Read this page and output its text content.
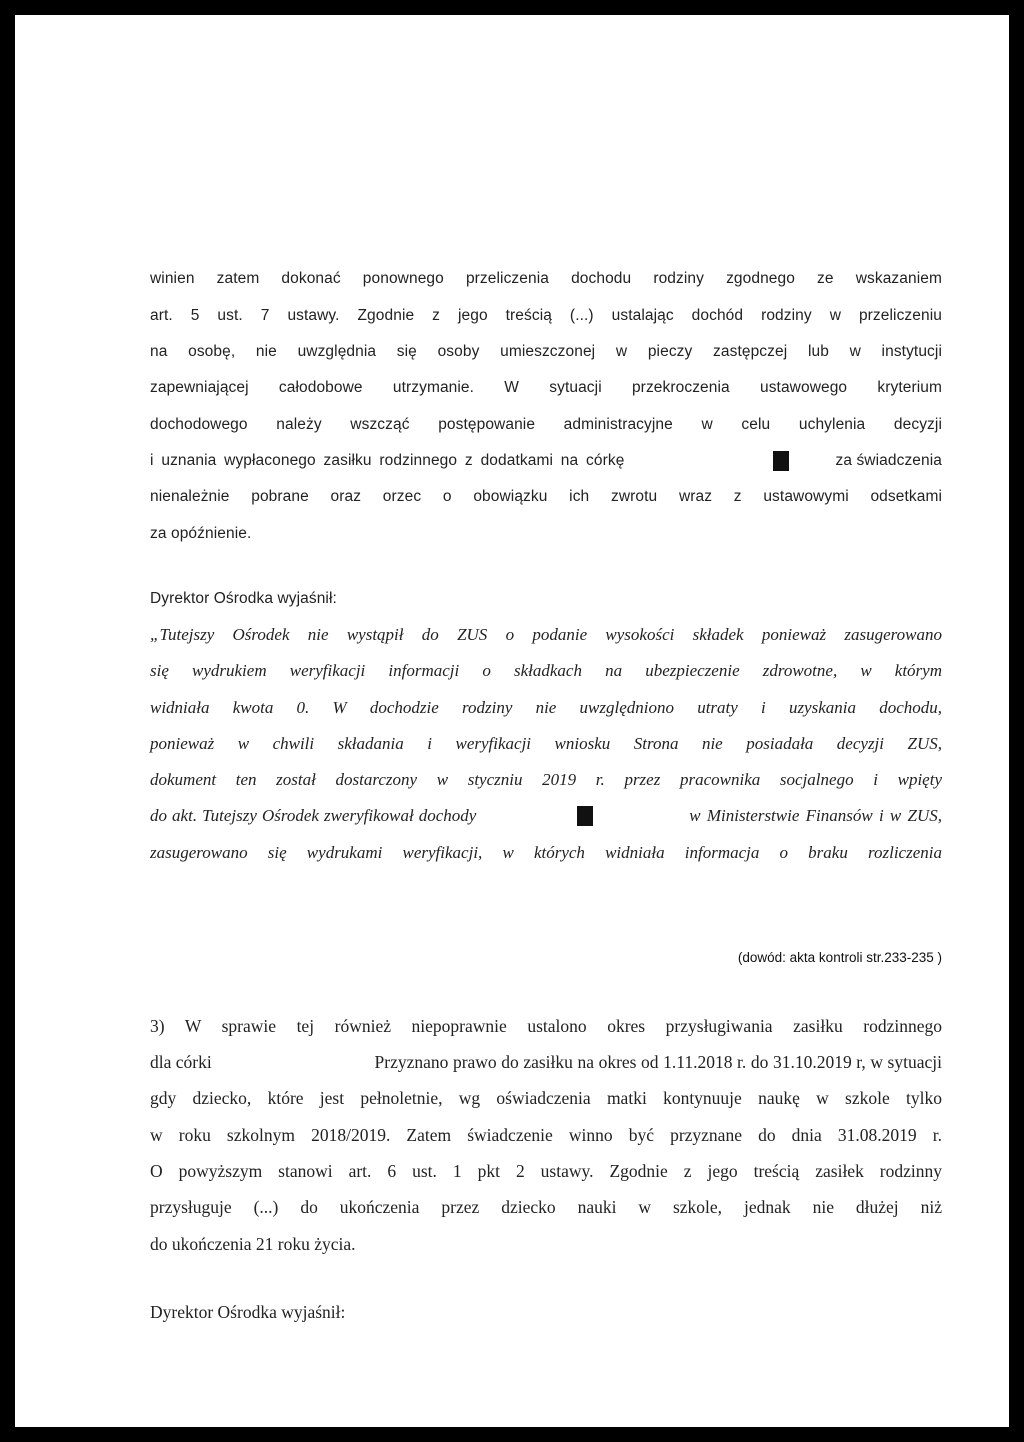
winien zatem dokonać ponownego przeliczenia dochodu rodziny zgodnego ze wskazaniem
art. 5 ust. 7 ustawy. Zgodnie z jego treścią (...) ustalając dochód rodziny w przeliczeniu
na osobę, nie uwzględnia się osoby umieszczonej w pieczy zastępczej lub w instytucji
zapewniającej całodobowe utrzymanie. W sytuacji przekroczenia ustawowego kryterium
dochodowego należy wszcząć postępowanie administracyjne w celu uchylenia decyzji
i uznania wypłaconego zasiłku rodzinnego z dodatkami na córkę	za świadczenia
nienależnie pobrane oraz orzec o obowiązku ich zwrotu wraz z ustawowymi odsetkami
za opóźnienie.
Dyrektor Ośrodka wyjaśnił:
„Tutejszy Ośrodek nie wystąpił do ZUS o podanie wysokości składek ponieważ zasugerowano
się wydrukiem weryfikacji informacji o składkach na ubezpieczenie zdrowotne, w którym
widniała kwota 0. W dochodzie rodziny nie uwzględniono utraty i uzyskania dochodu,
ponieważ w chwili składania i weryfikacji wniosku Strona nie posiadała decyzji ZUS,
dokument ten został dostarczony w styczniu 2019 r. przez pracownika socjalnego i wpięty
do akt. Tutejszy Ośrodek zweryfikował dochody	w Ministerstwie Finansów i w ZUS,
zasugerowano się wydrukami weryfikacji, w których widniała informacja o braku rozliczenia
(dowód: akta kontroli str.233-235 )
3) W sprawie tej również niepoprawnie ustalono okres przysługiwania zasiłku rodzinnego
dla córki	Przyznano prawo do zasiłku na okres od 1.11.2018 r. do 31.10.2019 r, w sytuacji
gdy dziecko, które jest pełnoletnie, wg oświadczenia matki kontynuuje naukę w szkole tylko
w roku szkolnym 2018/2019. Zatem świadczenie winno być przyznane do dnia 31.08.2019 r.
O powyższym stanowi art. 6 ust. 1 pkt 2 ustawy. Zgodnie z jego treścią zasiłek rodzinny
przysługuje (...) do ukończenia przez dziecko nauki w szkole, jednak nie dłużej niż
do ukończenia 21 roku życia.
Dyrektor Ośrodka wyjaśnił:
